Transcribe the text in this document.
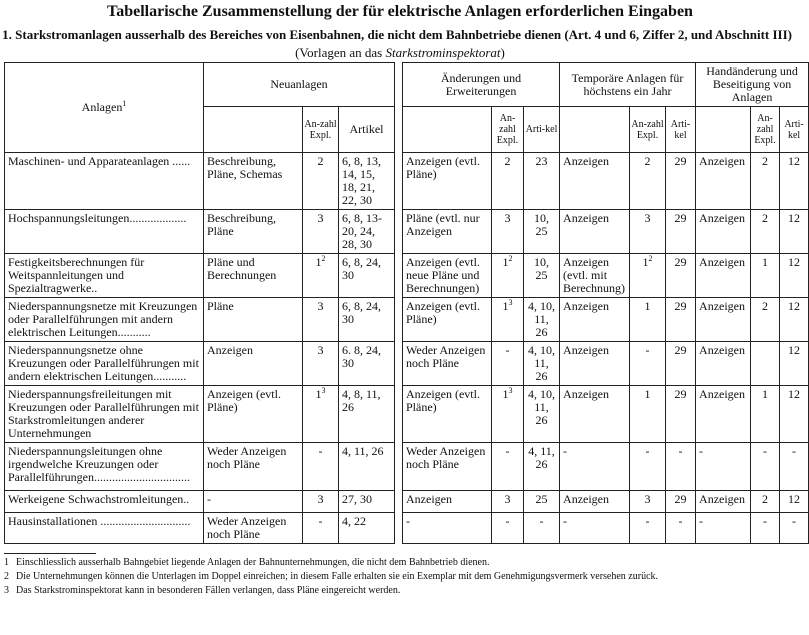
Tabellarische Zusammenstellung der für elektrische Anlagen erforderlichen Eingaben
1. Starkstromanlagen ausserhalb des Bereiches von Eisenbahnen, die nicht dem Bahnbetriebe dienen (Art. 4 und 6, Ziffer 2, und Abschnitt III)
(Vorlagen an das Starkstrominspektorat)
Anlagen$^1$	Neuanlagen				Änderungen und Erweiterungen			Temporäre Anlagen für höchstens ein Jahr			Handänderung und Beseitigung von Anlagen		
		An-zahl Expl.	Artikel			An-zahl Expl.	Arti-kel		An-zahl Expl.	Arti-kel		An-zahl Expl.	Arti-kel
Maschinen- und Apparateanlagen ......	Beschreibung, Pläne, Schemas	2	6, 8, 13, 14, 15, 18, 21, 22, 30		Anzeigen (evtl. Pläne)	2	23	Anzeigen	2	29	Anzeigen	2	12
Hochspannungsleitungen...................	Beschreibung, Pläne	3	6, 8, 13-20, 24, 28, 30		Pläne (evtl. nur Anzeigen	3	10, 25	Anzeigen	3	29	Anzeigen	2	12
Festigkeitsberechnungen für Weitspannleitungen und Spezialtragwerke..	Pläne und Berechnungen	$1^2$	6, 8, 24, 30		Anzeigen (evtl. neue Pläne und Berechnungen)	$1^2$	10, 25	Anzeigen (evtl. mit Berechnung)	$1^2$	29	Anzeigen	1	12
Niederspannungsnetze mit Kreuzungen oder Parallelführungen mit andern elektrischen Leitungen...........	Pläne	3	6, 8, 24, 30		Anzeigen (evtl. Pläne)	$1^3$	4, 10, 11, 26	Anzeigen	1	29	Anzeigen	2	12
Niederspannungsnetze ohne Kreuzungen oder Parallelführungen mit andern elektrischen Leitungen...........	Anzeigen	3	6. 8, 24, 30		Weder Anzeigen noch Pläne	-	4, 10, 11, 26	Anzeigen	-	29	Anzeigen		12
Niederspannungsfreileitungen mit Kreuzungen oder Parallelführungen mit Starkstromleitungen anderer Unternehmungen	Anzeigen (evtl. Pläne)	$1^3$	4, 8, 11, 26		Anzeigen (evtl. Pläne)	$1^3$	4, 10, 11, 26	Anzeigen	1	29	Anzeigen	1	12
Niederspannungsleitungen ohne irgendwelche Kreuzungen oder Parallelführungen................................	Weder Anzeigen noch Pläne	-	4, 11, 26		Weder Anzeigen noch Pläne	-	4, 11, 26	-	-	-	-	-	-
Werkeigene Schwachstromleitungen..	-	3	27, 30		Anzeigen	3	25	Anzeigen	3	29	Anzeigen	2	12
Hausinstallationen ..............................	Weder Anzeigen noch Pläne	-	4, 22		-	-	-	-	-	-	-	-	-
1 Einschliesslich ausserhalb Bahngebiet liegende Anlagen der Bahnunternehmungen, die nicht dem Bahnbetrieb dienen.
2 Die Unternehmungen können die Unterlagen im Doppel einreichen; in diesem Falle erhalten sie ein Exemplar mit dem Genehmigungsvermerk versehen zurück.
3 Das Starkstrominspektorat kann in besonderen Fällen verlangen, dass Pläne eingereicht werden.
